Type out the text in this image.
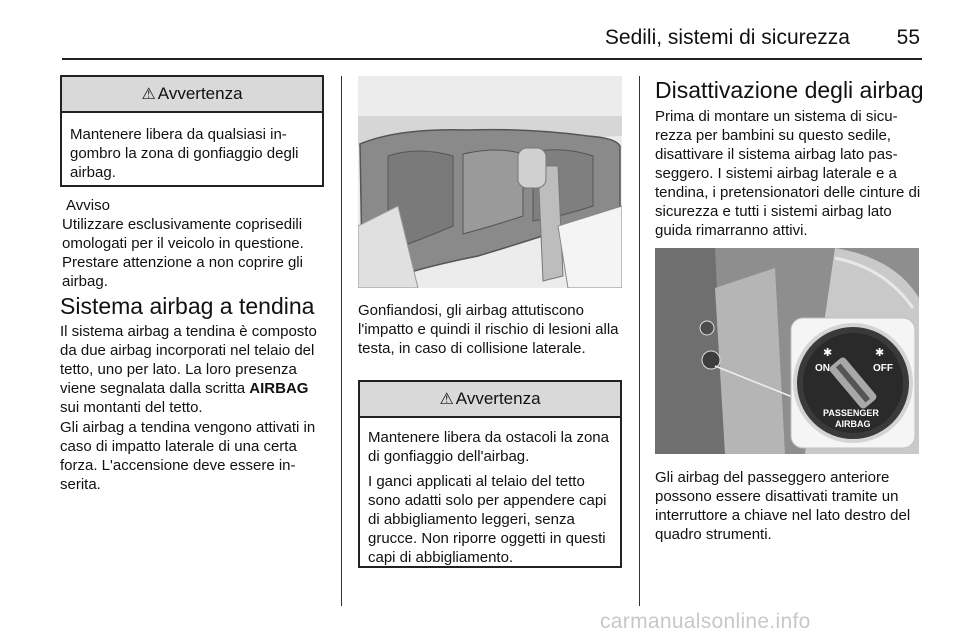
Sedili, sistemi di sicurezza 55
⚠ Avvertenza
Mantenere libera da qualsiasi ingombro la zona di gonfiaggio degli airbag.
Avviso
Utilizzare esclusivamente coprisedili omologati per il veicolo in questione. Prestare attenzione a non coprire gli airbag.
Sistema airbag a tendina
Il sistema airbag a tendina è composto da due airbag incorporati nel telaio del tetto, uno per lato. La loro presenza viene segnalata dalla scritta AIRBAG sui montanti del tetto.
Gli airbag a tendina vengono attivati in caso di impatto laterale di una certa forza. L'accensione deve essere inserita.
Gonfiandosi, gli airbag attutiscono l'impatto e quindi il rischio di lesioni alla testa, in caso di collisione laterale.
⚠ Avvertenza

Mantenere libera da ostacoli la zona di gonfiaggio dell'airbag.

I ganci applicati al telaio del tetto sono adatti solo per appendere capi di abbigliamento leggeri, senza grucce. Non riporre oggetti in questi capi di abbigliamento.

Disattivazione degli airbag
Prima di montare un sistema di sicurezza per bambini su questo sedile, disattivare il sistema airbag lato passeggero. I sistemi airbag laterale e a tendina, i pretensionatori delle cinture di sicurezza e tutti i sistemi airbag lato guida rimarranno attivi.
✱
ON
✱
OFF
PASSENGER
AIRBAG
Gli airbag del passeggero anteriore possono essere disattivati tramite un interruttore a chiave nel lato destro del quadro strumenti.
carmanualsonline.info
